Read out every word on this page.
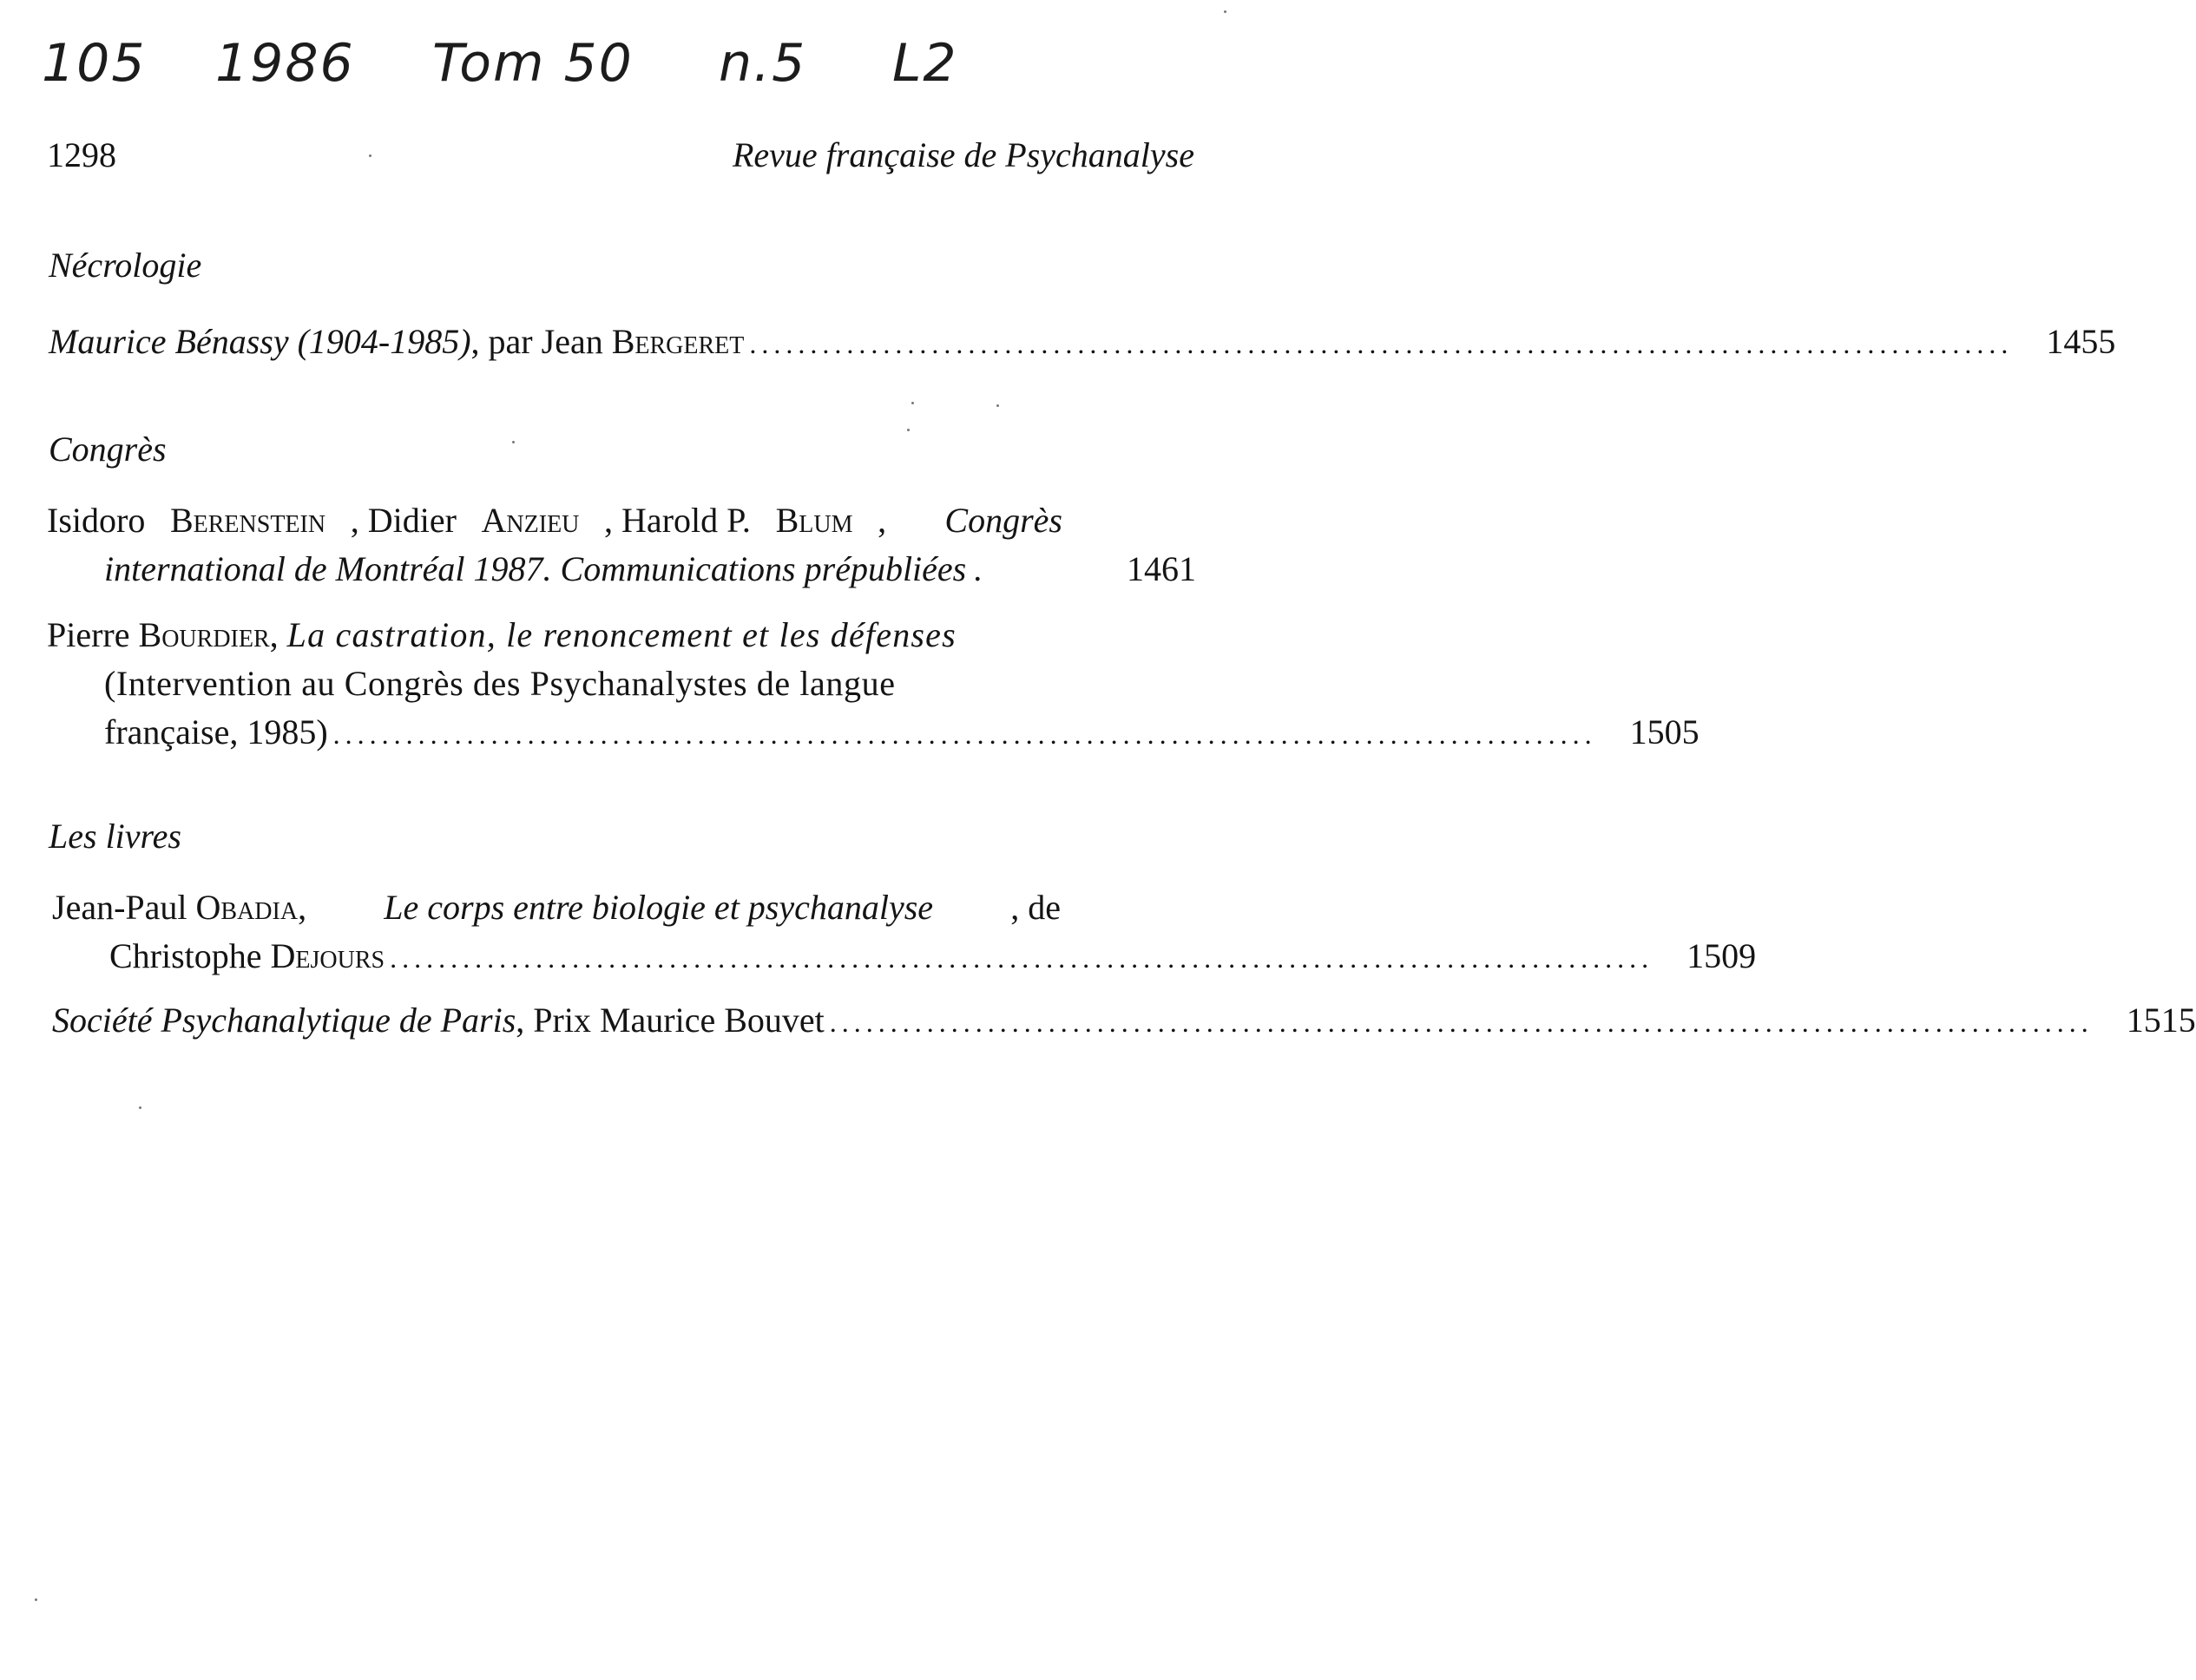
105 1986 Tom 50 n.5 L2
1298	Revue française de Psychanalyse
Nécrologie
Maurice Bénassy (1904-1985), par Jean Bergeret ........................................................................................................ 1455
Congrès
Isidoro Berenstein , Didier Anzieu , Harold P. Blum ,
Congrès
international de Montréal 1987. Communications prépubliées .	1461
Pierre Bourdier, La castration, le renoncement et les défenses
(Intervention au Congrès des Psychanalystes de langue
française, 1985) ........................................................................................................ 1505
Les livres
Jean-Paul Obadia, Le corps entre biologie et psychanalyse , de
Christophe Dejours ........................................................................................................ 1509
Société Psychanalytique de Paris, Prix Maurice Bouvet ........................................................................................................ 1515
